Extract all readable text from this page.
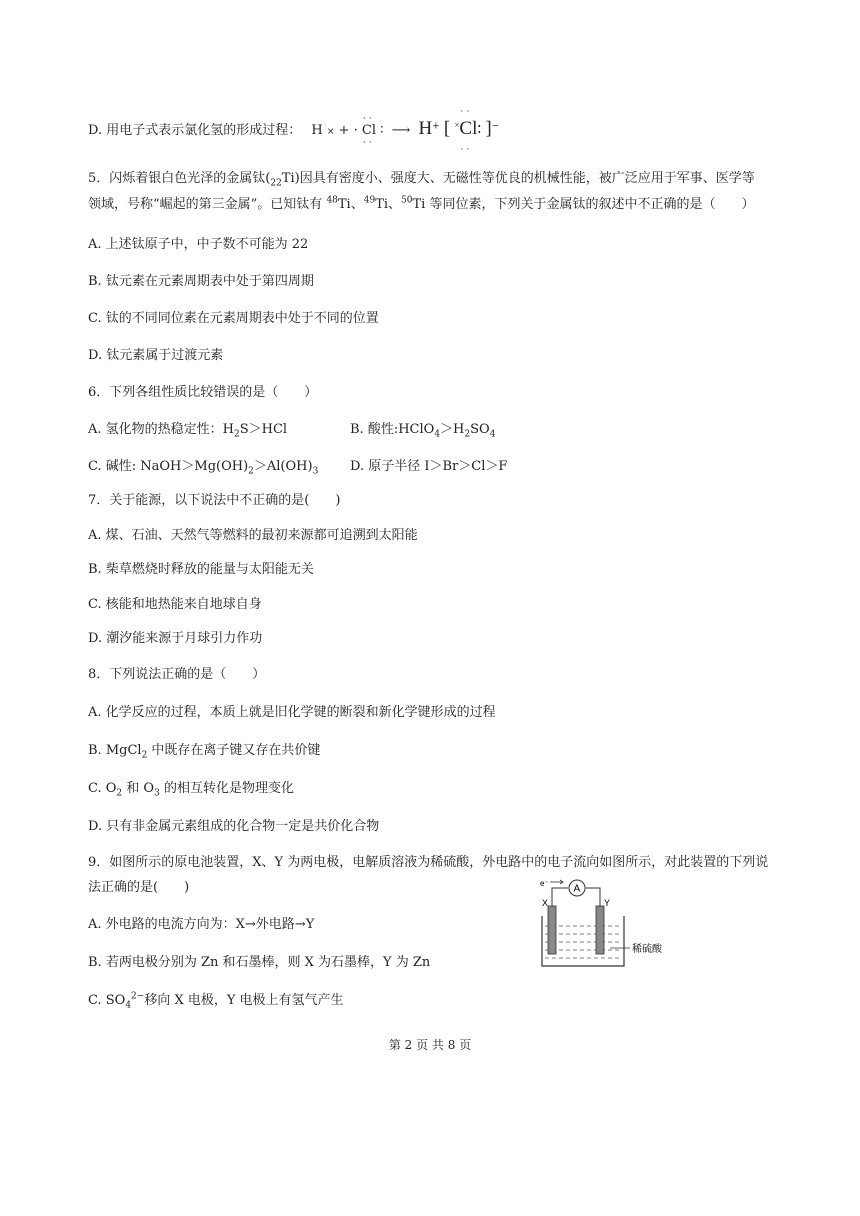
D. 用电子式表示氯化氢的形成过程： H × + ·
··
Cl
··
∶ ⟶ H+ [
··
×Cl∶
··
]−
5．闪烁着银白色光泽的金属钛$(_{22}Ti)$因具有密度小、强度大、无磁性等优良的机械性能，被广泛应用于军事、医学等
领域，号称“崛起的第三金属”。已知钛有 $^{48}$Ti、$^{49}$Ti、$^{50}$Ti 等同位素，下列关于金属钛的叙述中不正确的是（　　）
A. 上述钛原子中，中子数不可能为 22
B. 钛元素在元素周期表中处于第四周期
C. 钛的不同同位素在元素周期表中处于不同的位置
D. 钛元素属于过渡元素
6．下列各组性质比较错误的是（　　）
A. 氢化物的热稳定性：$H_2S>HCl$	B. 酸性$:HClO_4>H_2SO_4$
C. 碱性: $NaOH>Mg(OH)_2>Al(OH)_3$ D. 原子半径 I＞Br＞Cl＞F
7．关于能源，以下说法中不正确的是(　　)
A. 煤、石油、天然气等燃料的最初来源都可追溯到太阳能
B. 柴草燃烧时释放的能量与太阳能无关
C. 核能和地热能来自地球自身
D. 潮汐能来源于月球引力作功
8．下列说法正确的是（　　）
A. 化学反应的过程，本质上就是旧化学键的断裂和新化学键形成的过程
B. MgCl$_2$ 中既存在离子键又存在共价键
C. $O_2$ 和 $O_3$ 的相互转化是物理变化
D. 只有非金属元素组成的化合物一定是共价化合物
9．如图所示的原电池装置，X、Y 为两电极，电解质溶液为稀硫酸，外电路中的电子流向如图所示，对此装置的下列说
法正确的是(　　)
A. 外电路的电流方向为：X→外电路→Y
B. 若两电极分别为 Zn 和石墨棒，则 X 为石墨棒，Y 为 Zn
C. $SO_4^{2-}$移向 X 电极，Y 电极上有氢气产生
e⁻ A
X	Y
稀硫酸
第 2 页 共 8 页
